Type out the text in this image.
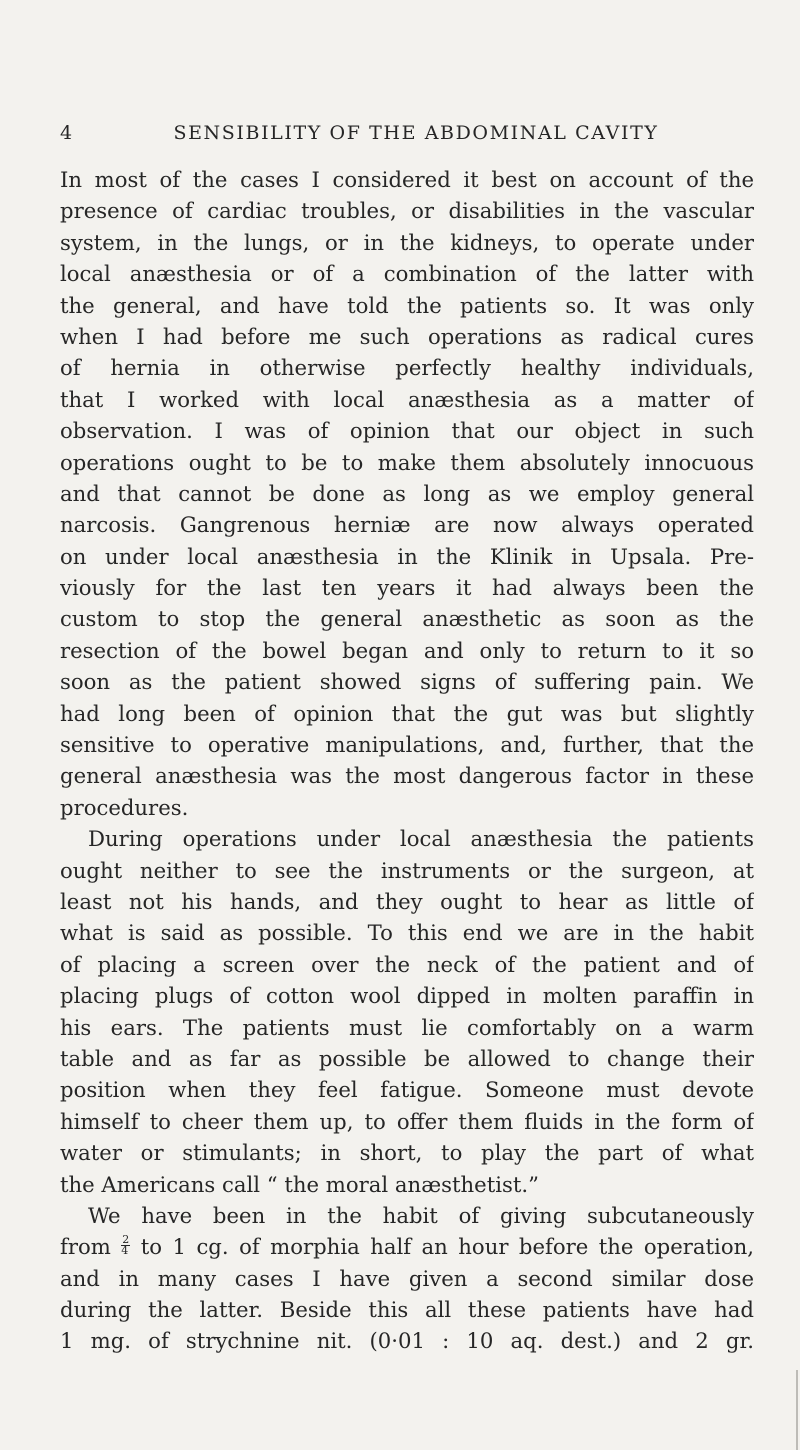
4	SENSIBILITY OF THE ABDOMINAL CAVITY
In most of the cases I considered it best on account of the
presence of cardiac troubles, or disabilities in the vascular
system, in the lungs, or in the kidneys, to operate under
local anæsthesia or of a combination of the latter with
the general, and have told the patients so. It was only
when I had before me such operations as radical cures
of hernia in otherwise perfectly healthy individuals,
that I worked with local anæsthesia as a matter of
observation. I was of opinion that our object in such
operations ought to be to make them absolutely innocuous
and that cannot be done as long as we employ general
narcosis. Gangrenous herniæ are now always operated
on under local anæsthesia in the Klinik in Upsala. Pre-
viously for the last ten years it had always been the
custom to stop the general anæsthetic as soon as the
resection of the bowel began and only to return to it so
soon as the patient showed signs of suffering pain. We
had long been of opinion that the gut was but slightly
sensitive to operative manipulations, and, further, that the
general anæsthesia was the most dangerous factor in these
procedures.
During operations under local anæsthesia the patients
ought neither to see the instruments or the surgeon, at
least not his hands, and they ought to hear as little of
what is said as possible. To this end we are in the habit
of placing a screen over the neck of the patient and of
placing plugs of cotton wool dipped in molten paraffin in
his ears. The patients must lie comfortably on a warm
table and as far as possible be allowed to change their
position when they feel fatigue. Someone must devote
himself to cheer them up, to offer them fluids in the form of
water or stimulants; in short, to play the part of what
the Americans call “ the moral anæsthetist.”
We have been in the habit of giving subcutaneously
from $\frac{2}{4}$ to 1 cg. of morphia half an hour before the operation,
and in many cases I have given a second similar dose
during the latter. Beside this all these patients have had
1 mg. of strychnine nit. (0·01 : 10 aq. dest.) and 2 gr.
